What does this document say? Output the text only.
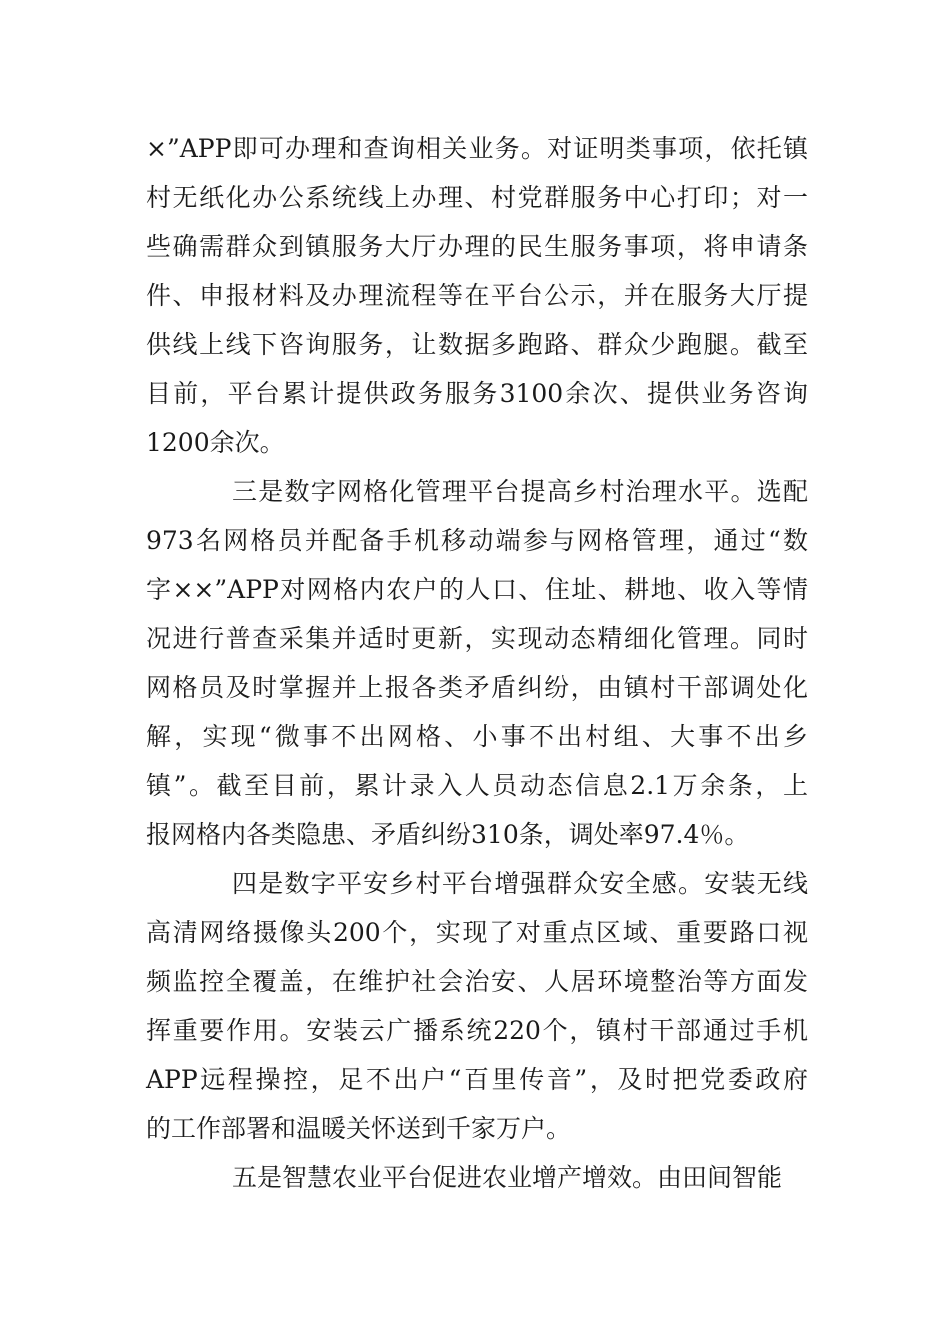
×”APP即可办理和查询相关业务。对证明类事项，依托镇
村无纸化办公系统线上办理、村党群服务中心打印；对一
些确需群众到镇服务大厅办理的民生服务事项，将申请条
件、申报材料及办理流程等在平台公示，并在服务大厅提
供线上线下咨询服务，让数据多跑路、群众少跑腿。截至
目前，平台累计提供政务服务3100余次、提供业务咨询
1200余次。
三是数字网格化管理平台提高乡村治理水平。选配
973名网格员并配备手机移动端参与网格管理，通过“数
字××”APP对网格内农户的人口、住址、耕地、收入等情
况进行普查采集并适时更新，实现动态精细化管理。同时
网格员及时掌握并上报各类矛盾纠纷，由镇村干部调处化
解，实现“微事不出网格、小事不出村组、大事不出乡
镇”。截至目前，累计录入人员动态信息2.1万余条，上
报网格内各类隐患、矛盾纠纷310条，调处率97.4％。
四是数字平安乡村平台增强群众安全感。安装无线
高清网络摄像头200个，实现了对重点区域、重要路口视
频监控全覆盖，在维护社会治安、人居环境整治等方面发
挥重要作用。安装云广播系统220个，镇村干部通过手机
APP远程操控，足不出户“百里传音”，及时把党委政府
的工作部署和温暖关怀送到千家万户。
五是智慧农业平台促进农业增产增效。由田间智能
